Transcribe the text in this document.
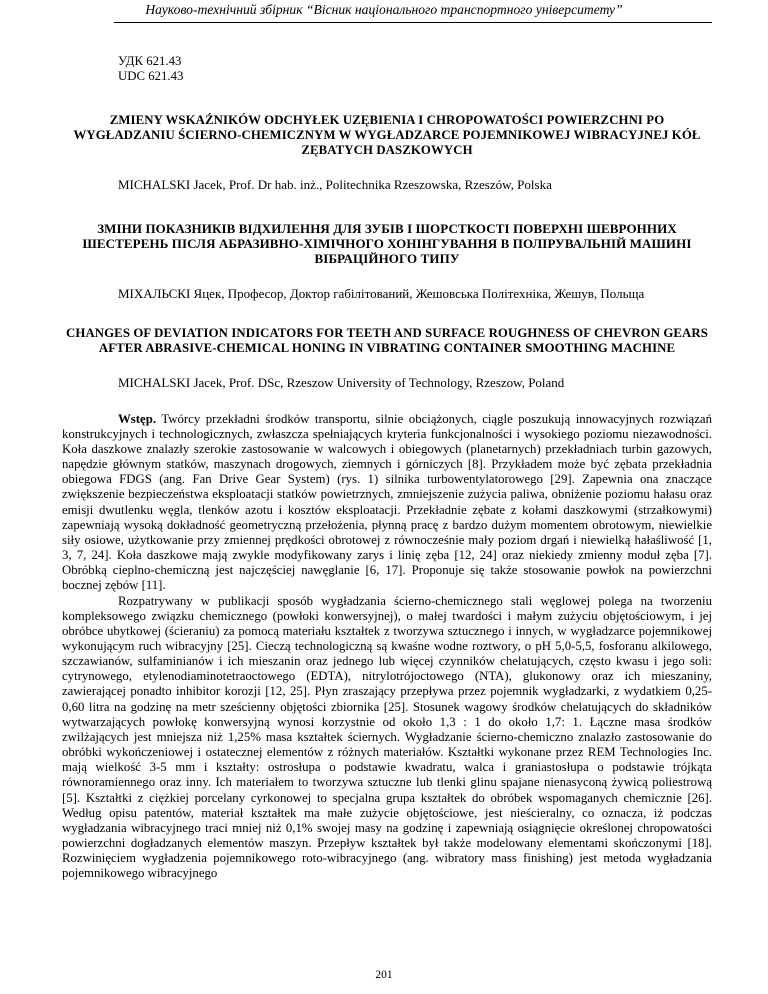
Науково-технічний збірник “Вісник національного транспортного університету”
УДК 621.43
UDC 621.43

ZMIENY WSKAŹNIKÓW ODCHYŁEK UZĘBIENIA I CHROPOWATOŚCI POWIERZCHNI PO WYGŁADZANIU ŚCIERNO-CHEMICZNYM W WYGŁADZARCE POJEMNIKOWEJ WIBRACYJNEJ KÓŁ ZĘBATYCH DASZKOWYCH

MICHALSKI Jacek, Prof. Dr hab. inż., Politechnika Rzeszowska, Rzeszów, Polska

ЗМІНИ ПОКАЗНИКІВ ВІДХИЛЕННЯ ДЛЯ ЗУБІВ І ШОРСТКОСТІ ПОВЕРХНІ ШЕВРОННИХ ШЕСТЕРЕНЬ ПІСЛЯ АБРАЗИВНО-ХІМІЧНОГО ХОНІНГУВАННЯ В ПОЛІРУВАЛЬНІЙ МАШИНІ ВІБРАЦІЙНОГО ТИПУ

МІХАЛЬСКІ Яцек, Професор, Доктор габілітований, Жешовська Політехніка, Жешув, Польща

CHANGES OF DEVIATION INDICATORS FOR TEETH AND SURFACE ROUGHNESS OF CHEVRON GEARS AFTER ABRASIVE-CHEMICAL HONING IN VIBRATING CONTAINER SMOOTHING MACHINE

MICHALSKI Jacek, Prof. DSc, Rzeszow University of Technology, Rzeszow, Poland

Wstęp. Twórcy przekładni środków transportu, silnie obciążonych, ciągle poszukują innowacyjnych rozwiązań konstrukcyjnych i technologicznych, zwłaszcza spełniających kryteria funkcjonalności i wysokiego poziomu niezawodności. Koła daszkowe znalazły szerokie zastosowanie w walcowych i obiegowych (planetarnych) przekładniach turbin gazowych, napędzie głównym statków, maszynach drogowych, ziemnych i górniczych [8]. Przykładem może być zębata przekładnia obiegowa FDGS (ang. Fan Drive Gear System) (rys. 1) silnika turbowentylatorowego [29]. Zapewnia ona znaczące zwiększenie bezpieczeństwa eksploatacji statków powietrznych, zmniejszenie zużycia paliwa, obniżenie poziomu hałasu oraz emisji dwutlenku węgla, tlenków azotu i kosztów eksploatacji. Przekładnie zębate z kołami daszkowymi (strzałkowymi) zapewniają wysoką dokładność geometryczną przełożenia, płynną pracę z bardzo dużym momentem obrotowym, niewielkie siły osiowe, użytkowanie przy zmiennej prędkości obrotowej z równocześnie mały poziom drgań i niewielką hałaśliwość [1, 3, 7, 24]. Koła daszkowe mają zwykle modyfikowany zarys i linię zęba [12, 24] oraz niekiedy zmienny moduł zęba [7]. Obróbką cieplno-chemiczną jest najczęściej nawęglanie [6, 17]. Proponuje się także stosowanie powłok na powierzchni bocznej zębów [11].

Rozpatrywany w publikacji sposób wygładzania ścierno-chemicznego stali węglowej polega na tworzeniu kompleksowego związku chemicznego (powłoki konwersyjnej), o małej twardości i małym zużyciu objętościowym, i jej obróbce ubytkowej (ścieraniu) za pomocą materiału kształtek z tworzywa sztucznego i innych, w wygładzarce pojemnikowej wykonującym ruch wibracyjny [25]. Cieczą technologiczną są kwaśne wodne roztwory, o pH 5,0-5,5, fosforanu alkilowego, szczawianów, sulfaminianów i ich mieszanin oraz jednego lub więcej czynników chelatujących, często kwasu i jego soli: cytrynowego, etylenodiaminotetraoctowego (EDTA), nitrylotrójoctowego (NTA), glukonowy oraz ich mieszaniny, zawierającej ponadto inhibitor korozji [12, 25]. Płyn zraszający przepływa przez pojemnik wygładzarki, z wydatkiem 0,25-0,60 litra na godzinę na metr sześcienny objętości zbiornika [25]. Stosunek wagowy środków chelatujących do składników wytwarzających powłokę konwersyjną wynosi korzystnie od około 1,3 : 1 do około 1,7: 1. Łączne masa środków zwilżających jest mniejsza niż 1,25% masa kształtek ściernych. Wygładzanie ścierno-chemiczno znalazło zastosowanie do obróbki wykończeniowej i ostatecznej elementów z różnych materiałów. Kształtki wykonane przez REM Technologies Inc. mają wielkość 3-5 mm i kształty: ostrosłupa o podstawie kwadratu, walca i graniastosłupa o podstawie trójkąta równoramiennego oraz inny. Ich materiałem to tworzywa sztuczne lub tlenki glinu spajane nienasyconą żywicą poliestrową [5]. Kształtki z ciężkiej porcelany cyrkonowej to specjalna grupa kształtek do obróbek wspomaganych chemicznie [26]. Według opisu patentów, materiał kształtek ma małe zużycie objętościowe, jest nieścieralny, co oznacza, iż podczas wygładzania wibracyjnego traci mniej niż 0,1% swojej masy na godzinę i zapewniają osiągnięcie określonej chropowatości powierzchni dogładzanych elementów maszyn. Przepływ kształtek był także modelowany elementami skończonymi [18]. Rozwinięciem wygładzenia pojemnikowego roto-wibracyjnego (ang. wibratory mass finishing) jest metoda wygładzania pojemnikowego wibracyjnego

201
